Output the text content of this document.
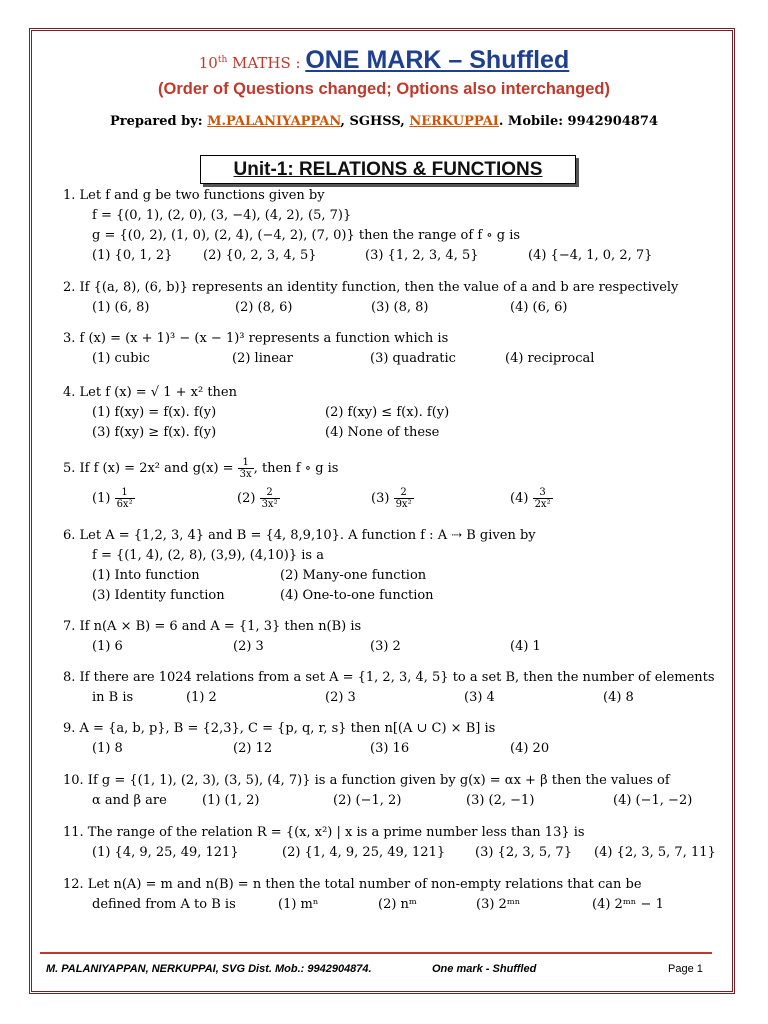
10th MATHS : ONE MARK – Shuffled
(Order of Questions changed; Options also interchanged)
Prepared by: M.PALANIYAPPAN, SGHSS, NERKUPPAI. Mobile: 9942904874
Unit-1: RELATIONS & FUNCTIONS
1. Let f and g be two functions given by
f = {(0, 1), (2, 0), (3, −4), (4, 2), (5, 7)}
g = {(0, 2), (1, 0), (2, 4), (−4, 2), (7, 0)} then the range of f ∘ g is
(1) {0, 1, 2} (2) {0, 2, 3, 4, 5}	(3) {1, 2, 3, 4, 5}	(4) {−4, 1, 0, 2, 7}
2. If {(a, 8), (6, b)} represents an identity function, then the value of a and b are respectively
(1) (6, 8)	(2) (8, 6)	(3) (8, 8)	(4) (6, 6)
3. f (x) = (x + 1)³ − (x − 1)³ represents a function which is
(1) cubic	(2) linear	(3) quadratic	(4) reciprocal
4. Let f (x) = √ 1 + x² then
(1) f(xy) = f(x). f(y)	(2) f(xy) ≤ f(x). f(y)
(3) f(xy) ≥ f(x). f(y)	(4) None of these
5. If f (x) = 2x² and $g(x) = \frac{1}{3x}$ , then f ∘ g is
$(1) \frac{1}{\text{6x²}}$	$(2) \frac{2}{\text{3x²}}$	$(3) \frac{2}{\text{9x²}}$	$(4) \frac{3}{\text{2x²}}$
6. Let A = {1,2, 3, 4} and B = {4, 8,9,10}. A function f : A ⇢ B given by
f = {(1, 4), (2, 8), (3,9), (4,10)} is a
(1) Into function	(2) Many-one function
(3) Identity function	(4) One-to-one function
7. If n(A × B) = 6 and A = {1, 3} then n(B) is
(1) 6	(2) 3	(3) 2	(4) 1
8. If there are 1024 relations from a set A = {1, 2, 3, 4, 5} to a set B, then the number of elements
in B is	(1) 2	(2) 3	(3) 4	(4) 8
9. A = {a, b, p}, B = {2,3}, C = {p, q, r, s} then n[(A ∪ C) × B] is
(1) 8	(2) 12	(3) 16	(4) 20
10. If g = {(1, 1), (2, 3), (3, 5), (4, 7)} is a function given by g(x) = αx + β then the values of
α and β are	(1) (1, 2)	(2) (−1, 2)	(3) (2, −1)	(4) (−1, −2)
11. The range of the relation R = {(x, x²) | x is a prime number less than 13} is
(1) {4, 9, 25, 49, 121}	(2) {1, 4, 9, 25, 49, 121} (3) {2, 3, 5, 7} (4) {2, 3, 5, 7, 11}
12. Let n(A) = m and n(B) = n then the total number of non-empty relations that can be
defined from A to B is	(1) mⁿ	(2) nᵐ	(3) 2ᵐⁿ	(4) 2ᵐⁿ − 1
M. PALANIYAPPAN, NERKUPPAI, SVG Dist. Mob.: 9942904874.	One mark - Shuffled	Page 1
